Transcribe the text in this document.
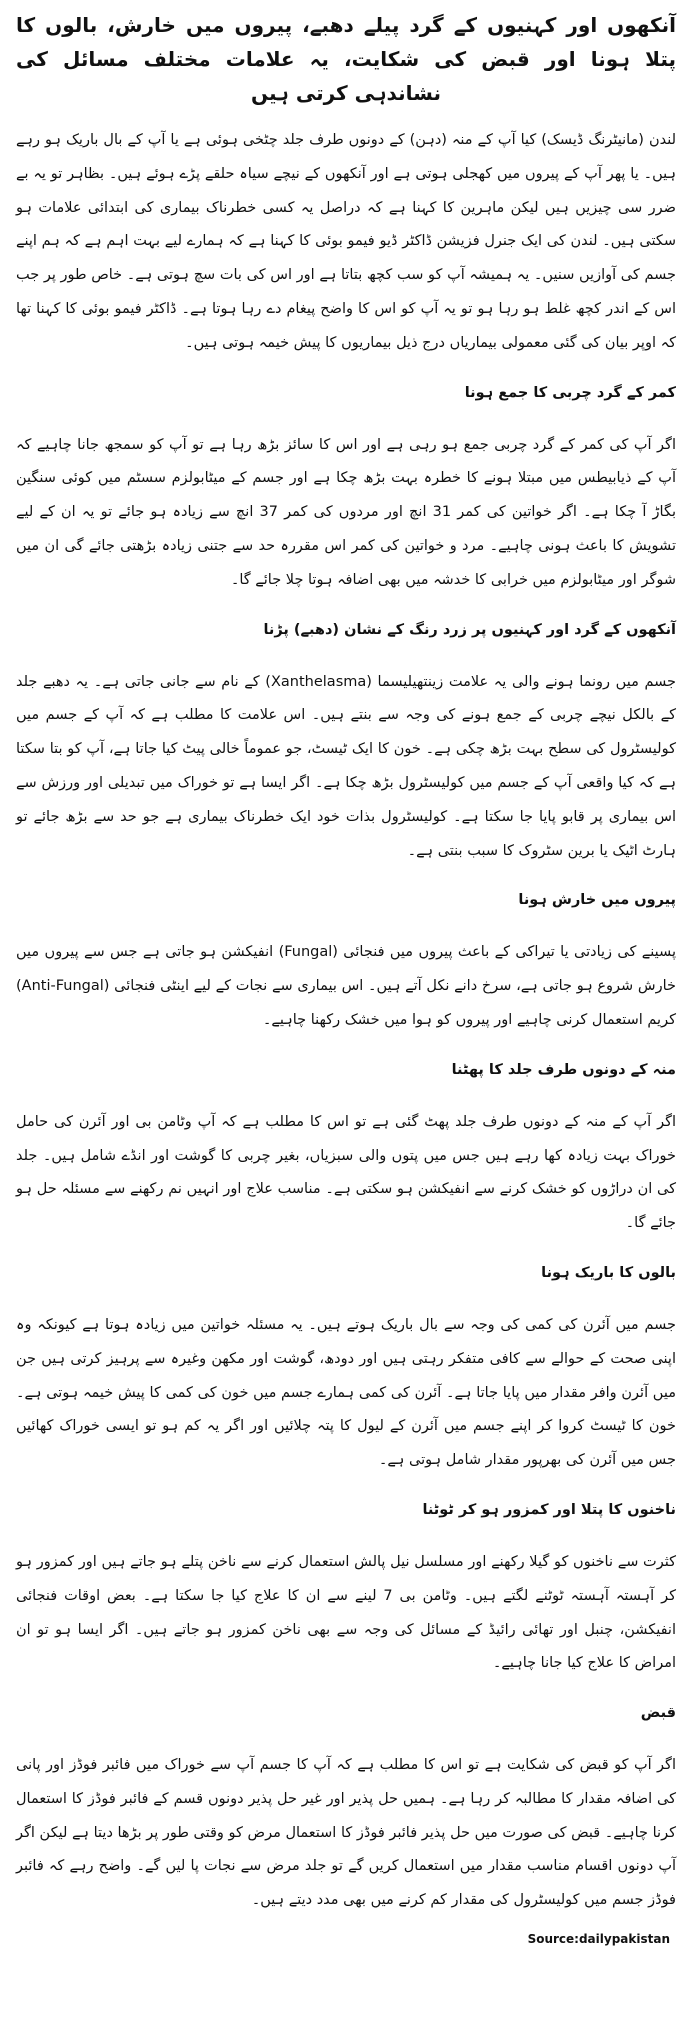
آنکھوں اور کہنیوں کے گرد پیلے دھبے، پیروں میں خارش، بالوں کا پتلا ہونا اور قبض کی شکایت، یہ علامات مختلف مسائل کی نشاندہی کرتی ہیں

لندن (مانیٹرنگ ڈیسک) کیا آپ کے منہ (دہن) کے دونوں طرف جلد چٹخی ہوئی ہے یا آپ کے بال باریک ہو رہے ہیں۔ یا پھر آپ کے پیروں میں کھجلی ہوتی ہے اور آنکھوں کے نیچے سیاہ حلقے پڑے ہوئے ہیں۔ بظاہر تو یہ بے ضرر سی چیزیں ہیں لیکن ماہرین کا کہنا ہے کہ دراصل یہ کسی خطرناک بیماری کی ابتدائی علامات ہو سکتی ہیں۔ لندن کی ایک جنرل فزیشن ڈاکٹر ڈیو فیمو بوئی کا کہنا ہے کہ ہمارے لیے بہت اہم ہے کہ ہم اپنے جسم کی آوازیں سنیں۔ یہ ہمیشہ آپ کو سب کچھ بتاتا ہے اور اس کی بات سچ ہوتی ہے۔ خاص طور پر جب اس کے اندر کچھ غلط ہو رہا ہو تو یہ آپ کو اس کا واضح پیغام دے رہا ہوتا ہے۔ ڈاکٹر فیمو بوئی کا کہنا تھا کہ اوپر بیان کی گئی معمولی بیماریاں درج ذیل بیماریوں کا پیش خیمہ ہوتی ہیں۔

کمر کے گرد چربی کا جمع ہونا

اگر آپ کی کمر کے گرد چربی جمع ہو رہی ہے اور اس کا سائز بڑھ رہا ہے تو آپ کو سمجھ جانا چاہیے کہ آپ کے ذیابیطس میں مبتلا ہونے کا خطرہ بہت بڑھ چکا ہے اور جسم کے میٹابولزم سسٹم میں کوئی سنگین بگاڑ آ چکا ہے۔ اگر خواتین کی کمر 31 انچ اور مردوں کی کمر 37 انچ سے زیادہ ہو جائے تو یہ ان کے لیے تشویش کا باعث ہونی چاہیے۔ مرد و خواتین کی کمر اس مقررہ حد سے جتنی زیادہ بڑھتی جائے گی ان میں شوگر اور میٹابولزم میں خرابی کا خدشہ میں بھی اضافہ ہوتا چلا جائے گا۔

آنکھوں کے گرد اور کہنیوں پر زرد رنگ کے نشان (دھبے) پڑنا

جسم میں رونما ہونے والی یہ علامت زینتھیلیسما (Xanthelasma) کے نام سے جانی جاتی ہے۔ یہ دھبے جلد کے بالکل نیچے چربی کے جمع ہونے کی وجہ سے بنتے ہیں۔ اس علامت کا مطلب ہے کہ آپ کے جسم میں کولیسٹرول کی سطح بہت بڑھ چکی ہے۔ خون کا ایک ٹیسٹ، جو عموماً خالی پیٹ کیا جاتا ہے، آپ کو بتا سکتا ہے کہ کیا واقعی آپ کے جسم میں کولیسٹرول بڑھ چکا ہے۔ اگر ایسا ہے تو خوراک میں تبدیلی اور ورزش سے اس بیماری پر قابو پایا جا سکتا ہے۔ کولیسٹرول بذات خود ایک خطرناک بیماری ہے جو حد سے بڑھ جائے تو ہارٹ اٹیک یا برین سٹروک کا سبب بنتی ہے۔

پیروں میں خارش ہونا

پسینے کی زیادتی یا تیراکی کے باعث پیروں میں فنجائی (Fungal) انفیکشن ہو جاتی ہے جس سے پیروں میں خارش شروع ہو جاتی ہے، سرخ دانے نکل آتے ہیں۔ اس بیماری سے نجات کے لیے اینٹی فنجائی (Anti-Fungal) کریم استعمال کرنی چاہیے اور پیروں کو ہوا میں خشک رکھنا چاہیے۔

منہ کے دونوں طرف جلد کا پھٹنا

اگر آپ کے منہ کے دونوں طرف جلد پھٹ گئی ہے تو اس کا مطلب ہے کہ آپ وٹامن بی اور آئرن کی حامل خوراک بہت زیادہ کھا رہے ہیں جس میں پتوں والی سبزیاں، بغیر چربی کا گوشت اور انڈے شامل ہیں۔ جلد کی ان دراڑوں کو خشک کرنے سے انفیکشن ہو سکتی ہے۔ مناسب علاج اور انہیں نم رکھنے سے مسئلہ حل ہو جائے گا۔

بالوں کا باریک ہونا

جسم میں آئرن کی کمی کی وجہ سے بال باریک ہوتے ہیں۔ یہ مسئلہ خواتین میں زیادہ ہوتا ہے کیونکہ وہ اپنی صحت کے حوالے سے کافی متفکر رہتی ہیں اور دودھ، گوشت اور مکھن وغیرہ سے پرہیز کرتی ہیں جن میں آئرن وافر مقدار میں پایا جاتا ہے۔ آئرن کی کمی ہمارے جسم میں خون کی کمی کا پیش خیمہ ہوتی ہے۔ خون کا ٹیسٹ کروا کر اپنے جسم میں آئرن کے لیول کا پتہ چلائیں اور اگر یہ کم ہو تو ایسی خوراک کھائیں جس میں آئرن کی بھرپور مقدار شامل ہوتی ہے۔

ناخنوں کا پتلا اور کمزور ہو کر ٹوٹنا

کثرت سے ناخنوں کو گیلا رکھنے اور مسلسل نیل پالش استعمال کرنے سے ناخن پتلے ہو جاتے ہیں اور کمزور ہو کر آہستہ آہستہ ٹوٹنے لگتے ہیں۔ وٹامن بی 7 لینے سے ان کا علاج کیا جا سکتا ہے۔ بعض اوقات فنجائی انفیکشن، چنبل اور تھائی رائیڈ کے مسائل کی وجہ سے بھی ناخن کمزور ہو جاتے ہیں۔ اگر ایسا ہو تو ان امراض کا علاج کیا جانا چاہیے۔

قبض

اگر آپ کو قبض کی شکایت ہے تو اس کا مطلب ہے کہ آپ کا جسم آپ سے خوراک میں فائبر فوڈز اور پانی کی اضافہ مقدار کا مطالبہ کر رہا ہے۔ ہمیں حل پذیر اور غیر حل پذیر دونوں قسم کے فائبر فوڈز کا استعمال کرنا چاہیے۔ قبض کی صورت میں حل پذیر فائبر فوڈز کا استعمال مرض کو وقتی طور پر بڑھا دیتا ہے لیکن اگر آپ دونوں اقسام مناسب مقدار میں استعمال کریں گے تو جلد مرض سے نجات پا لیں گے۔ واضح رہے کہ فائبر فوڈز جسم میں کولیسٹرول کی مقدار کم کرنے میں بھی مدد دیتے ہیں۔

Source:dailypakistan
